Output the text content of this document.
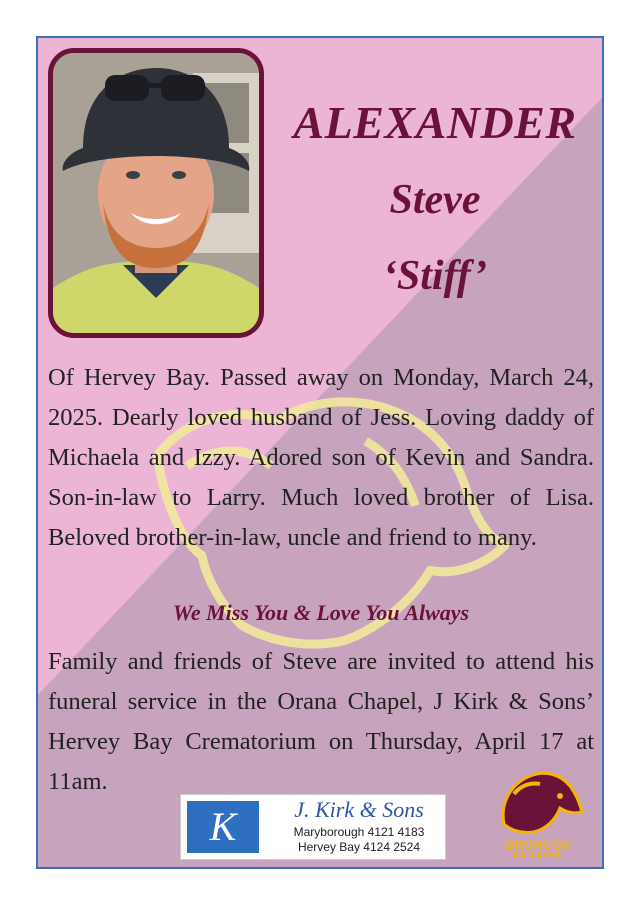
ALEXANDER
Steve
‘Stiff’
Of Hervey Bay. Passed away on Monday, March 24, 2025. Dearly loved husband of Jess. Loving daddy of Michaela and Izzy. Adored son of Kevin and Sandra. Son-in-law to Larry. Much loved brother of Lisa. Beloved brother-in-law, uncle and friend to many.
We Miss You & Love You Always
Family and friends of Steve are invited to attend his funeral service in the Orana Chapel, J Kirk & Sons’ Hervey Bay Crematorium on Thursday, April 17 at 11am.
K	J. Kirk & Sons
Maryborough 4121 4183
Hervey Bay 4124 2524	BRONCOS
BRISBANE
